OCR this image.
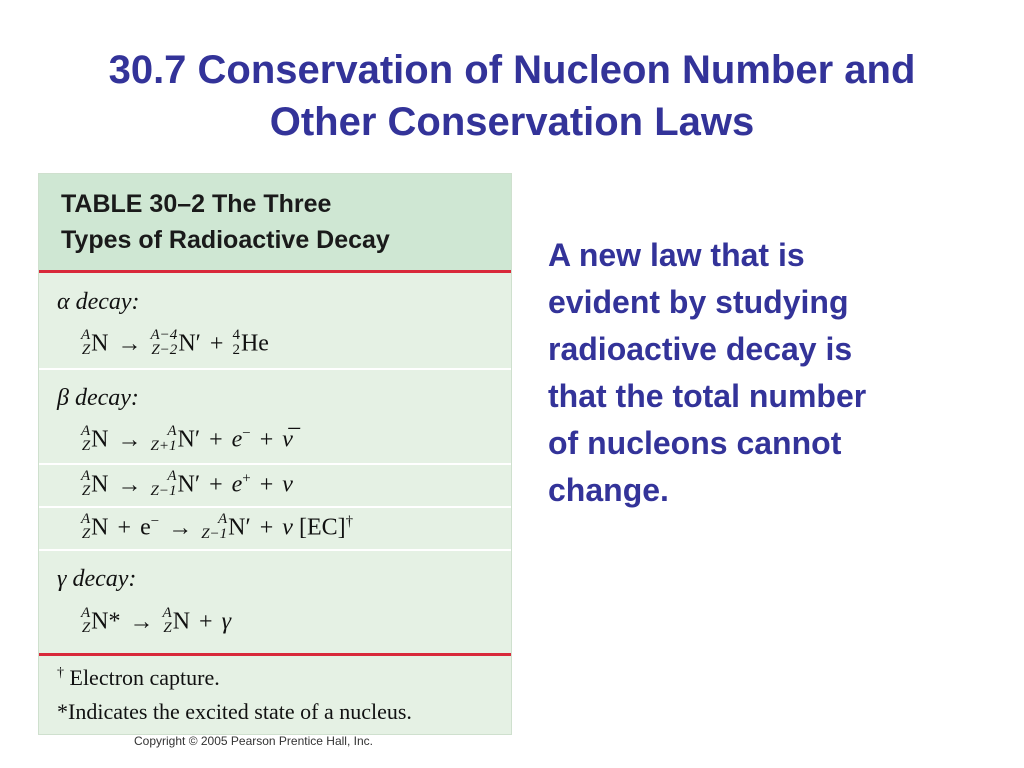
30.7 Conservation of Nucleon Number and
Other Conservation Laws
TABLE 30–2 The Three
Types of Radioactive Decay
α decay:
A
Z N → A−4
Z−2 N′ + 4
2 He
β decay:
A
Z N → A
Z+1 N′ + e− + ν̅
A
Z N → A
Z−1 N′ + e+ + ν
A
Z N + e− → A
Z−1 N′ + ν [EC]†
γ decay:
A
Z N* → A
Z N + γ
† Electron capture.
*Indicates the excited state of a nucleus.
Copyright © 2005 Pearson Prentice Hall, Inc.
A new law that is
evident by studying
radioactive decay is
that the total number
of nucleons cannot
change.
